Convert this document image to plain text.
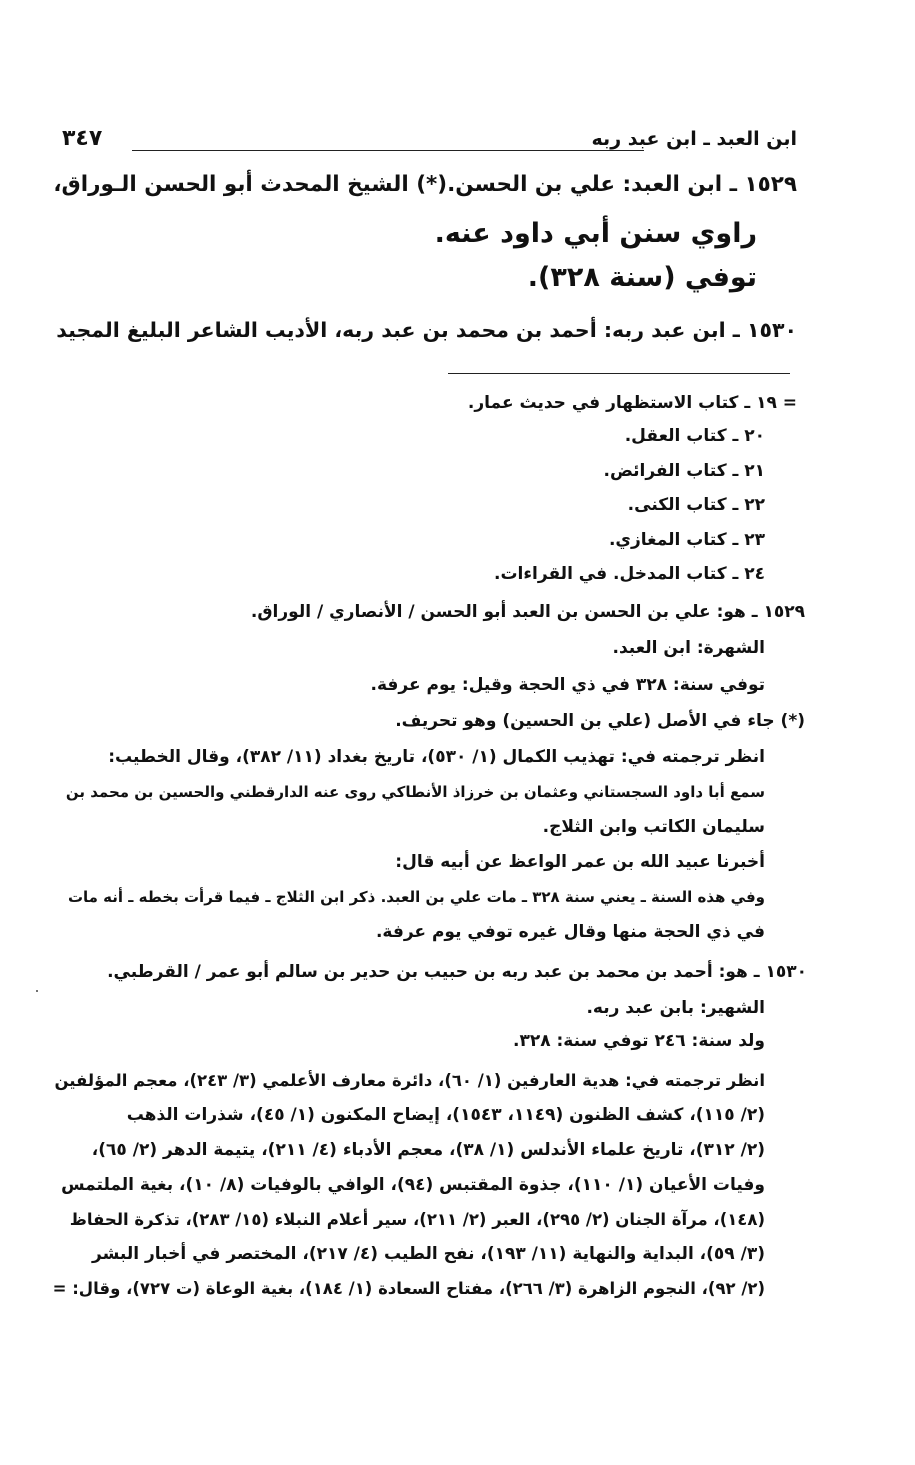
ابن العبد ـ ابن عبد ربه
٣٤٧
١٥٢٩ ـ ابن العبد: علي بن الحسن.(*) الشيخ المحدث أبو الحسن الـوراق،
راوي سنن أبي داود عنه.
توفي (سنة ٣٢٨).
١٥٣٠ ـ ابن عبد ربه: أحمد بن محمد بن عبد ربه، الأديب الشاعر البليغ المجيد
= ١٩ ـ كتاب الاستظهار في حديث عمار.
٢٠ ـ كتاب العقل.
٢١ ـ كتاب الفرائض.
٢٢ ـ كتاب الكنى.
٢٣ ـ كتاب المغازي.
٢٤ ـ كتاب المدخل. في القراءات.
١٥٢٩ ـ هو: علي بن الحسن بن العبد أبو الحسن / الأنصاري / الوراق.
الشهرة: ابن العبد.
توفي سنة: ٣٢٨ في ذي الحجة وقيل: يوم عرفة.
(*) جاء في الأصل (علي بن الحسين) وهو تحريف.
انظر ترجمته في: تهذيب الكمال (١/ ٥٣٠)، تاريخ بغداد (١١/ ٣٨٢)، وقال الخطيب:
سمع أبا داود السجستاني وعثمان بن خرزاذ الأنطاكي روى عنه الدارقطني والحسين بن محمد بن
سليمان الكاتب وابن الثلاج.
أخبرنا عبيد الله بن عمر الواعظ عن أبيه قال:
وفي هذه السنة ـ يعني سنة ٣٢٨ ـ مات علي بن العبد. ذكر ابن الثلاج ـ فيما قرأت بخطه ـ أنه مات
في ذي الحجة منها وقال غيره توفي يوم عرفة.
١٥٣٠ ـ هو: أحمد بن محمد بن عبد ربه بن حبيب بن حدير بن سالم أبو عمر / القرطبي.
الشهير: بابن عبد ربه.
ولد سنة: ٢٤٦ توفي سنة: ٣٢٨.
انظر ترجمته في: هدية العارفين (١/ ٦٠)، دائرة معارف الأعلمي (٣/ ٢٤٣)، معجم المؤلفين
(٢/ ١١٥)، كشف الظنون (١١٤٩، ١٥٤٣)، إيضاح المكنون (١/ ٤٥)، شذرات الذهب
(٢/ ٣١٢)، تاريخ علماء الأندلس (١/ ٣٨)، معجم الأدباء (٤/ ٢١١)، يتيمة الدهر (٢/ ٦٥)،
وفيات الأعيان (١/ ١١٠)، جذوة المقتبس (٩٤)، الوافي بالوفيات (٨/ ١٠)، بغية الملتمس
(١٤٨)، مرآة الجنان (٢/ ٢٩٥)، العبر (٢/ ٢١١)، سير أعلام النبلاء (١٥/ ٢٨٣)، تذكرة الحفاظ
(٣/ ٥٩)، البداية والنهاية (١١/ ١٩٣)، نفح الطيب (٤/ ٢١٧)، المختصر في أخبار البشر
(٢/ ٩٢)، النجوم الزاهرة (٣/ ٢٦٦)، مفتاح السعادة (١/ ١٨٤)، بغية الوعاة (ت ٧٢٧)، وقال: =
